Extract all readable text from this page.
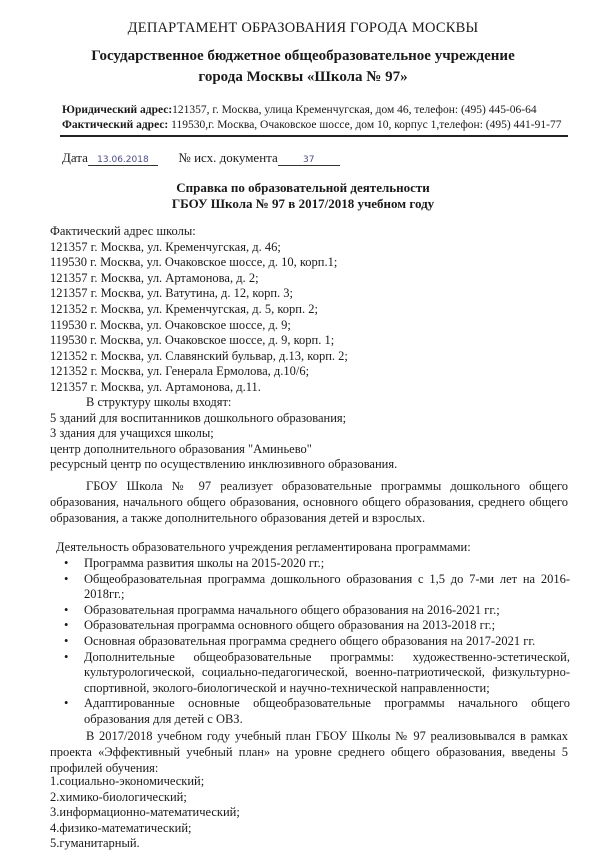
ДЕПАРТАМЕНТ ОБРАЗОВАНИЯ ГОРОДА МОСКВЫ
Государственное бюджетное общеобразовательное учреждение
города Москвы «Школа № 97»
Юридический адрес:121357, г. Москва, улица Кременчугская, дом 46, телефон: (495) 445-06-64
Фактический адрес: 119530,г. Москва, Очаковское шоссе, дом 10, корпус 1,телефон: (495) 441-91-77
Дата 13.06.2018 № исх. документа	37
Справка по образовательной деятельности
ГБОУ Школа № 97 в 2017/2018 учебном году
Фактический адрес школы:
121357 г. Москва, ул. Кременчугская, д. 46;
119530 г. Москва, ул. Очаковское шоссе, д. 10, корп.1;
121357 г. Москва, ул. Артамонова, д. 2;
121357 г. Москва, ул. Ватутина, д. 12, корп. 3;
121352 г. Москва, ул. Кременчугская, д. 5, корп. 2;
119530 г. Москва, ул. Очаковское шоссе, д. 9;
119530 г. Москва, ул. Очаковское шоссе, д. 9, корп. 1;
121352 г. Москва, ул. Славянский бульвар, д.13, корп. 2;
121352 г. Москва, ул. Генерала Ермолова, д.10/6;
121357 г. Москва, ул. Артамонова, д.11.
В структуру школы входят:
5 зданий для воспитанников дошкольного образования;
3 здания для учащихся школы;
центр дополнительного образования "Аминьево"
ресурсный центр по осуществлению инклюзивного образования.
ГБОУ Школа № 97 реализует образовательные программы дошкольного общего образования, начального общего образования, основного общего образования, среднего общего образования, а также дополнительного образования детей и взрослых.
Деятельность образовательного учреждения регламентирована программами:
• Программа развития школы на 2015-2020 гг.;
• Общеобразовательная программа дошкольного образования с 1,5 до 7-ми лет на 2016-2018гг.;
• Образовательная программа начального общего образования на 2016-2021 гг.;
• Образовательная программа основного общего образования на 2013-2018 гг.;
• Основная образовательная программа среднего общего образования на 2017-2021 гг.
• Дополнительные общеобразовательные программы: художественно-эстетической, культурологической, социально-педагогической, военно-патриотической, физкультурно-спортивной, эколого-биологической и научно-технической направленности;
• Адаптированные основные общеобразовательные программы начального общего образования для детей с ОВЗ.
В 2017/2018 учебном году учебный план ГБОУ Школы № 97 реализовывался в рамках проекта «Эффективный учебный план» на уровне среднего общего образования, введены 5 профилей обучения:
1.социально-экономический;
2.химико-биологический;
3.информационно-математический;
4.физико-математический;
5.гуманитарный.
